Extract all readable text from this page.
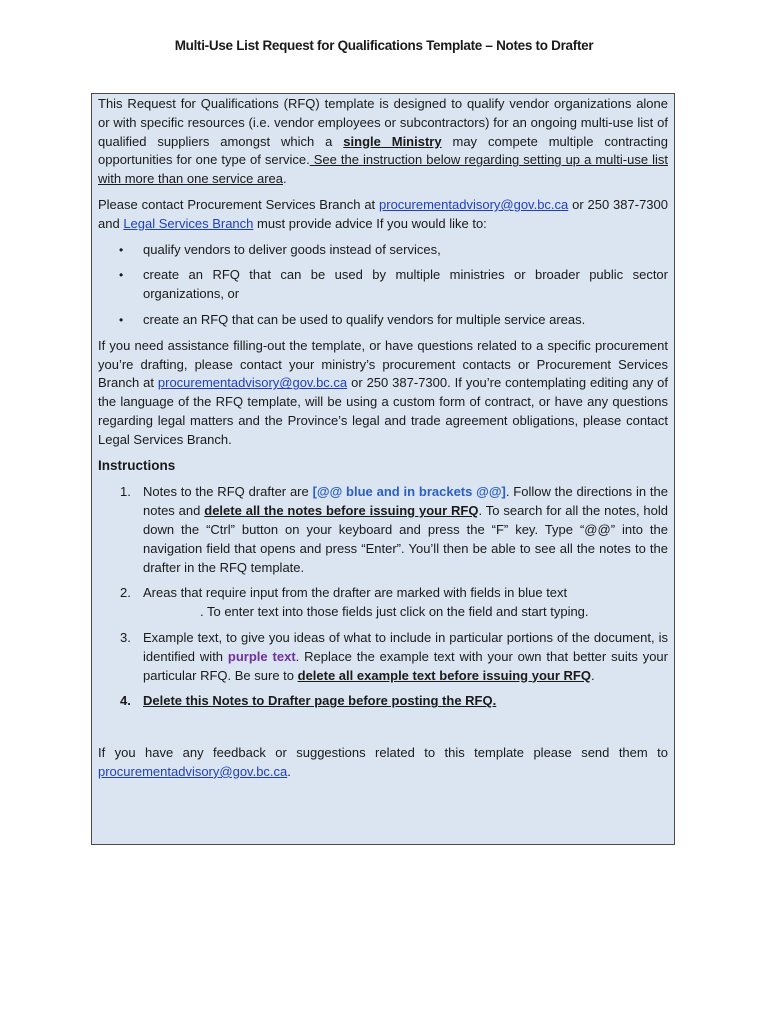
Multi-Use List Request for Qualifications Template – Notes to Drafter

This Request for Qualifications (RFQ) template is designed to qualify vendor organizations alone or with specific resources (i.e. vendor employees or subcontractors) for an ongoing multi-use list of qualified suppliers amongst which a single Ministry may compete multiple contracting opportunities for one type of service. See the instruction below regarding setting up a multi-use list with more than one service area.

Please contact Procurement Services Branch at procurementadvisory@gov.bc.ca or 250 387-7300 and Legal Services Branch must provide advice If you would like to:

• qualify vendors to deliver goods instead of services,
• create an RFQ that can be used by multiple ministries or broader public sector organizations, or
• create an RFQ that can be used to qualify vendors for multiple service areas.

If you need assistance filling-out the template, or have questions related to a specific procurement you’re drafting, please contact your ministry’s procurement contacts or Procurement Services Branch at procurementadvisory@gov.bc.ca or 250 387-7300. If you’re contemplating editing any of the language of the RFQ template, will be using a custom form of contract, or have any questions regarding legal matters and the Province’s legal and trade agreement obligations, please contact Legal Services Branch.

Instructions
1. Notes to the RFQ drafter are [@@ blue and in brackets @@]. Follow the directions in the notes and delete all the notes before issuing your RFQ. To search for all the notes, hold down the “Ctrl” button on your keyboard and press the “F” key. Type “@@” into the navigation field that opens and press “Enter”. You’ll then be able to see all the notes to the drafter in the RFQ template.
2. Areas that require input from the drafter are marked with fields in blue text
. To enter text into those fields just click on the field and start typing.
3. Example text, to give you ideas of what to include in particular portions of the document, is identified with purple text. Replace the example text with your own that better suits your particular RFQ. Be sure to delete all example text before issuing your RFQ.
4. Delete this Notes to Drafter page before posting the RFQ.

If you have any feedback or suggestions related to this template please send them to procurementadvisory@gov.bc.ca.
